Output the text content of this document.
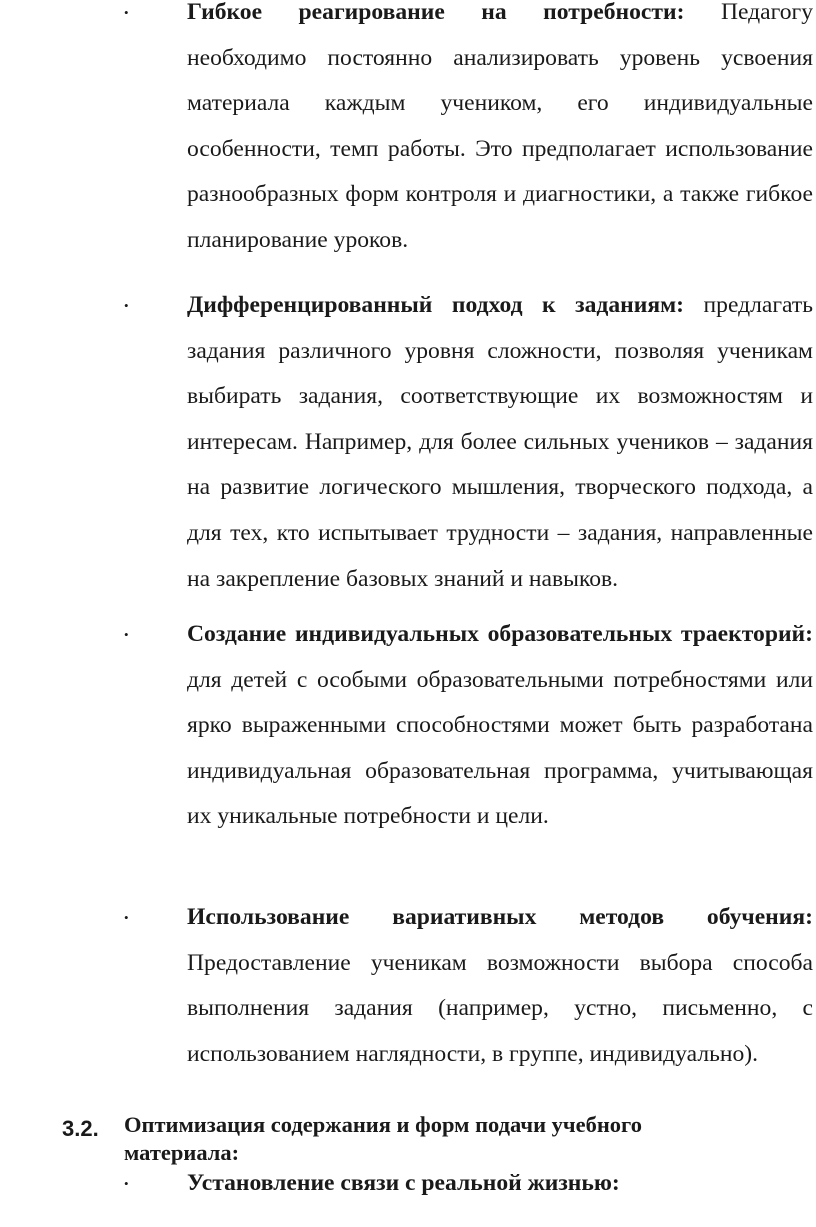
• Гибкое реагирование на потребности: Педагогу необходимо постоянно анализировать уровень усвоения материала каждым учеником, его индивидуальные особенности, темп работы. Это предполагает использование разнообразных форм контроля и диагностики, а также гибкое планирование уроков.

• Дифференцированный подход к заданиям: предлагать задания различного уровня сложности, позволяя ученикам выбирать задания, соответствующие их возможностям и интересам. Например, для более сильных учеников – задания на развитие логического мышления, творческого подхода, а для тех, кто испытывает трудности – задания, направленные на закрепление базовых знаний и навыков.

• Создание индивидуальных образовательных траекторий: для детей с особыми образовательными потребностями или ярко выраженными способностями может быть разработана индивидуальная образовательная программа, учитывающая их уникальные потребности и цели.

• Использование вариативных методов обучения: Предоставление ученикам возможности выбора способа выполнения задания (например, устно, письменно, с использованием наглядности, в группе, индивидуально).

3.2. Оптимизация содержания и форм подачи учебного материала:

• Установление связи с реальной жизнью:
